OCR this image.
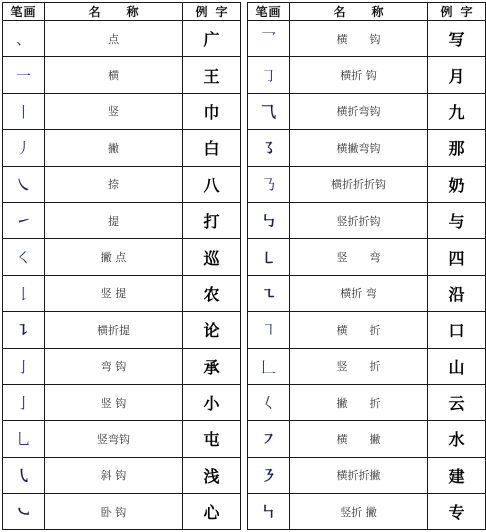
笔画	名称	例字
、	点	广
一	横	王
丨	竖	巾
丿	撇	白
㇏	捺	八
㇀	提	打
㇛	撇 点	巡
𠄌	竖 提	农
㇊	横折提	论
亅	弯 钩	承
亅	竖 钩	小
乚	竖弯钩	屯
㇂	斜 钩	浅
㇃	卧 钩	心
笔画	名称	例字
乛	横　　钩	写
㇆	横折 钩	月
⺄	横折弯钩	九
㇌	横撇弯钩	那
㇡	横折折折钩	奶
㇉	竖折折钩	与
㇄	竖　　弯	四
㇍	横折 弯	沿
㇕	横　　折	口
𠃊	竖　　折	山
𡿨	撇　　折	云
㇇	横　　撇	水
㇋	横折折撇	建
㇞	竖折 撇	专
